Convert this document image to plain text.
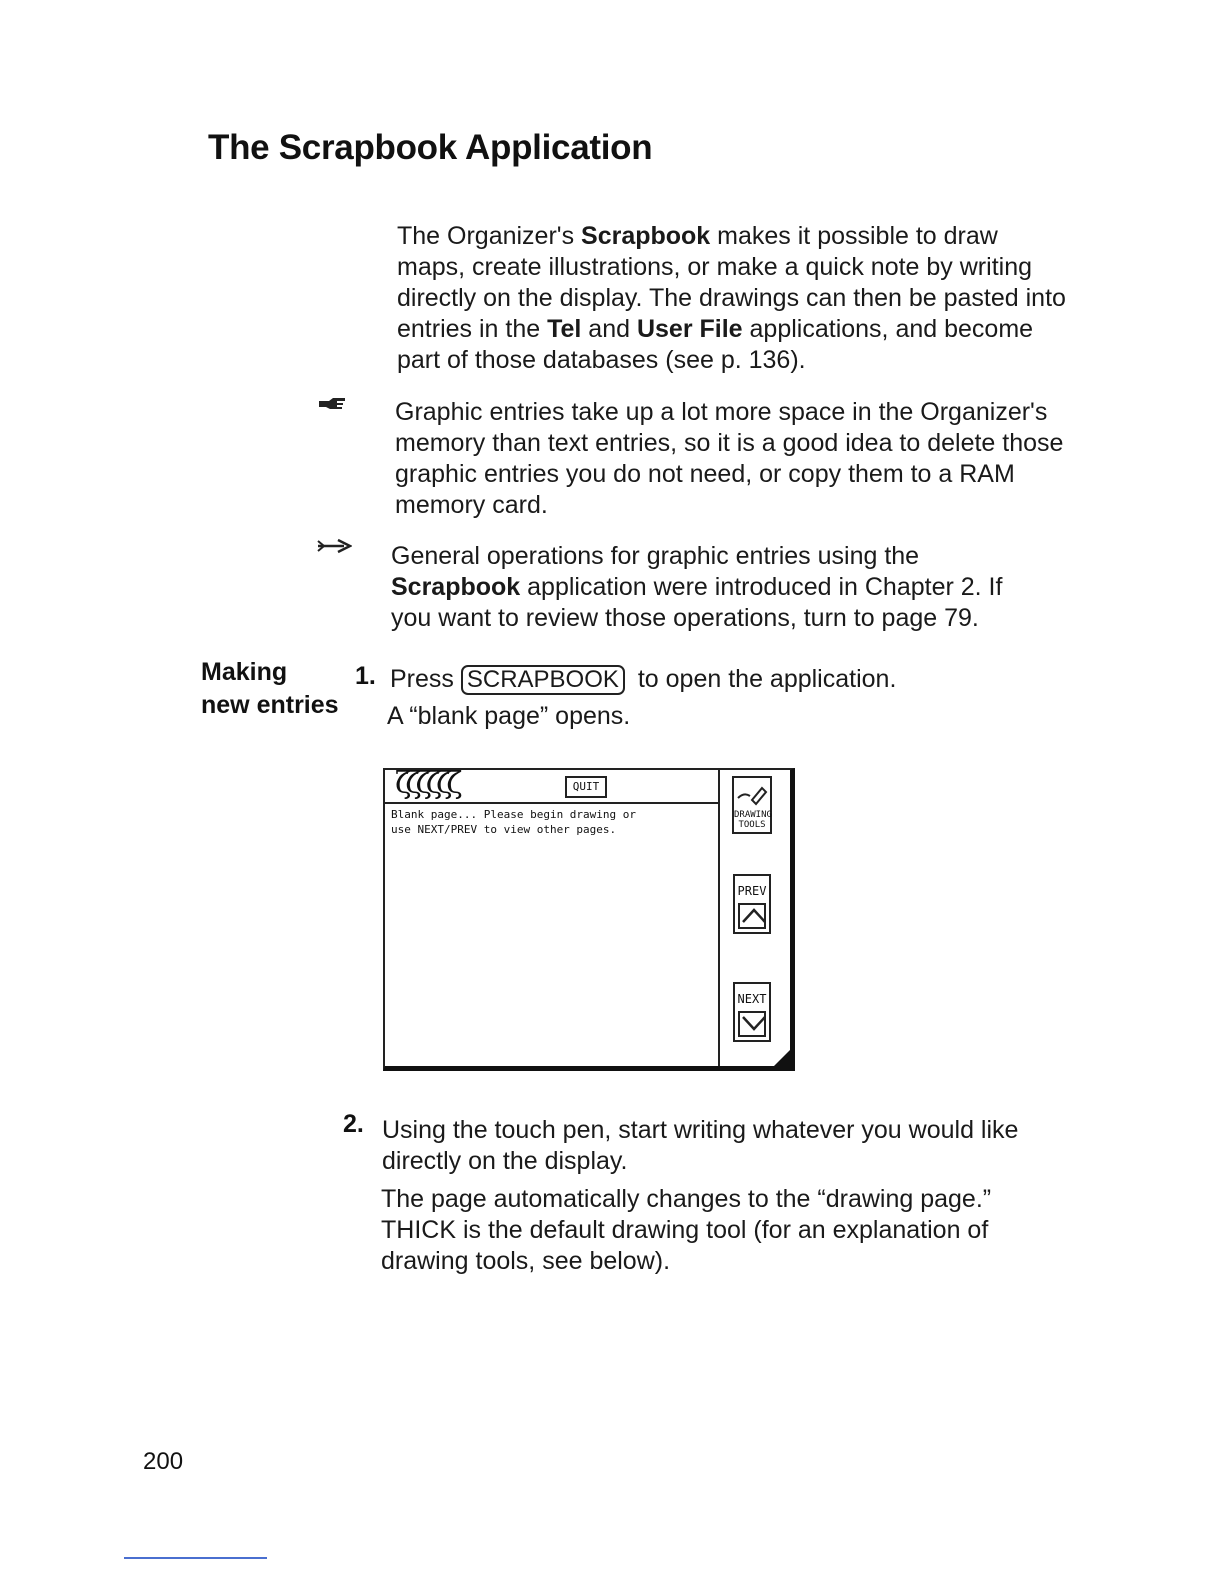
The Scrapbook Application
The Organizer's Scrapbook makes it possible to draw maps, create illustrations, or make a quick note by writing directly on the display. The drawings can then be pasted into entries in the Tel and User File applications, and become part of those databases (see p. 136).
Graphic entries take up a lot more space in the Organizer's memory than text entries, so it is a good idea to delete those graphic entries you do not need, or copy them to a RAM memory card.
General operations for graphic entries using the Scrapbook application were introduced in Chapter 2. If you want to review those operations, turn to page 79.
Making
new entries
1. Press SCRAPBOOK to open the application.
A “blank page” opens.
ζζζζζζ	QUIT
Blank page... Please begin drawing or
use NEXT/PREV to view other pages.
DRAWING
TOOLS
PREV
NEXT
2. Using the touch pen, start writing whatever you would like directly on the display.
The page automatically changes to the “drawing page.” THICK is the default drawing tool (for an explanation of drawing tools, see below).
200
